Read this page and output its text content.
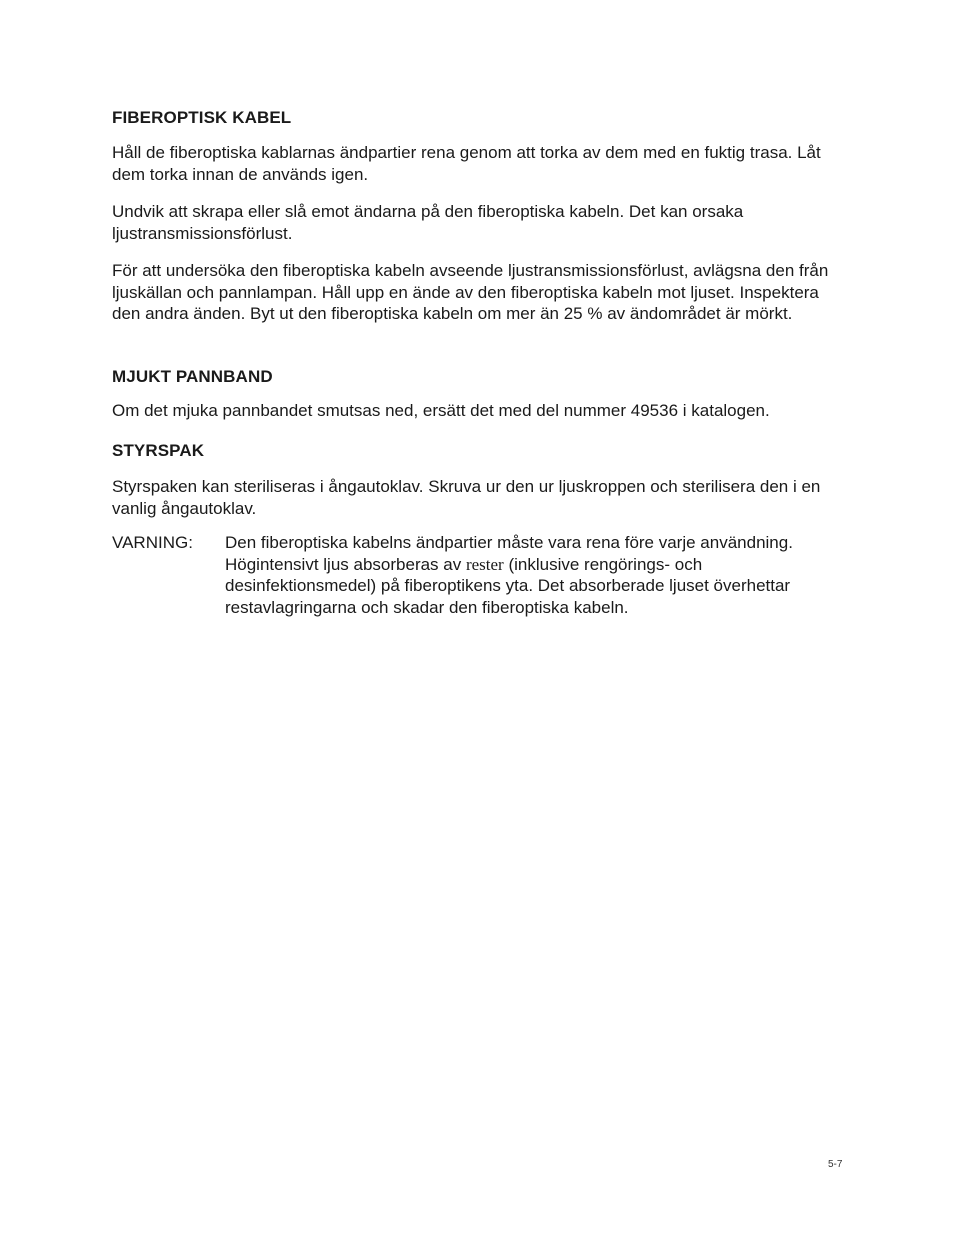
FIBEROPTISK KABEL

Håll de fiberoptiska kablarnas ändpartier rena genom att torka av dem med en fuktig trasa. Låt dem torka innan de används igen.

Undvik att skrapa eller slå emot ändarna på den fiberoptiska kabeln. Det kan orsaka ljustransmissionsförlust.

För att undersöka den fiberoptiska kabeln avseende ljustransmissionsförlust, avlägsna den från ljuskällan och pannlampan. Håll upp en ände av den fiberoptiska kabeln mot ljuset. Inspektera den andra änden. Byt ut den fiberoptiska kabeln om mer än 25 % av ändområdet är mörkt.

MJUKT PANNBAND

Om det mjuka pannbandet smutsas ned, ersätt det med del nummer 49536 i katalogen.

STYRSPAK

Styrspaken kan steriliseras i ångautoklav. Skruva ur den ur ljuskroppen och sterilisera den i en vanlig ångautoklav.

VARNING: Den fiberoptiska kabelns ändpartier måste vara rena före varje användning. Högintensivt ljus absorberas av rester (inklusive rengörings- och desinfektionsmedel) på fiberoptikens yta. Det absorberade ljuset överhettar restavlagringarna och skadar den fiberoptiska kabeln.

5-7
